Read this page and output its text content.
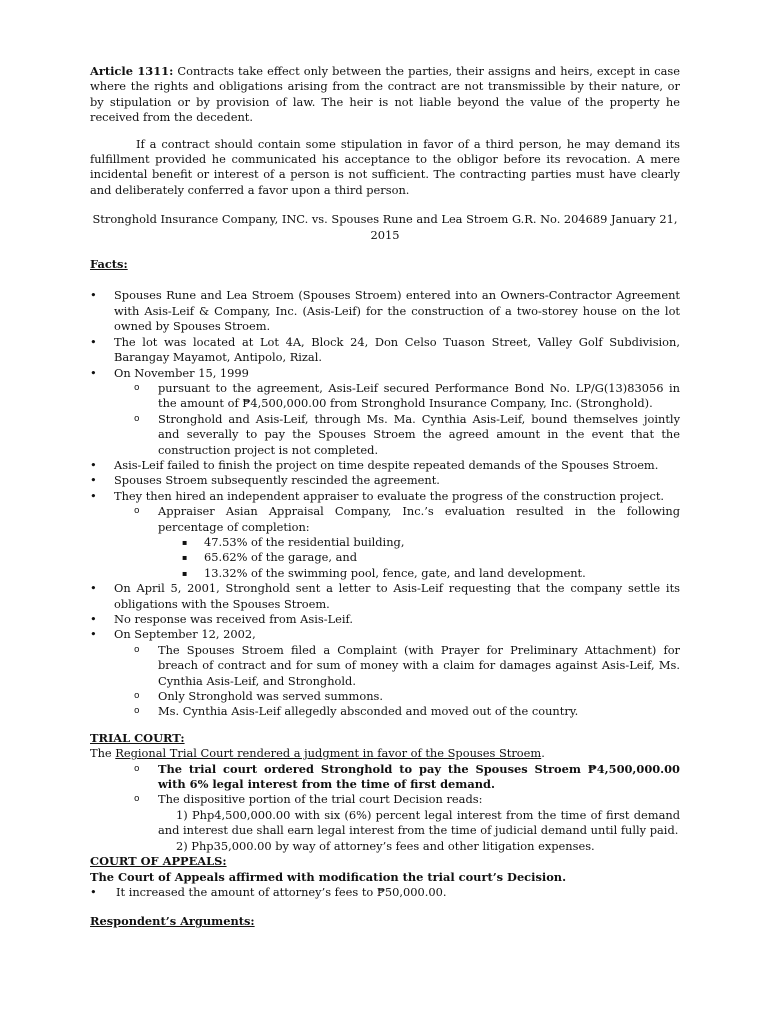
Article 1311: Contracts take effect only between the parties, their assigns and heirs, except in case where the rights and obligations arising from the contract are not transmissible by their nature, or by stipulation or by provision of law. The heir is not liable beyond the value of the property he received from the decedent.

If a contract should contain some stipulation in favor of a third person, he may demand its fulfillment provided he communicated his acceptance to the obligor before its revocation. A mere incidental benefit or interest of a person is not sufficient. The contracting parties must have clearly and deliberately conferred a favor upon a third person.

Stronghold Insurance Company, INC. vs. Spouses Rune and Lea Stroem G.R. No. 204689 January 21, 2015

Facts:

• Spouses Rune and Lea Stroem (Spouses Stroem) entered into an Owners-Contractor Agreement with Asis-Leif & Company, Inc. (Asis-Leif) for the construction of a two-storey house on the lot owned by Spouses Stroem.
• The lot was located at Lot 4A, Block 24, Don Celso Tuason Street, Valley Golf Subdivision, Barangay Mayamot, Antipolo, Rizal.
• On November 15, 1999
o pursuant to the agreement, Asis-Leif secured Performance Bond No. LP/G(13)83056 in the amount of ₱4,500,000.00 from Stronghold Insurance Company, Inc. (Stronghold).
o Stronghold and Asis-Leif, through Ms. Ma. Cynthia Asis-Leif, bound themselves jointly and severally to pay the Spouses Stroem the agreed amount in the event that the construction project is not completed.
• Asis-Leif failed to finish the project on time despite repeated demands of the Spouses Stroem.
• Spouses Stroem subsequently rescinded the agreement.
• They then hired an independent appraiser to evaluate the progress of the construction project.
o Appraiser Asian Appraisal Company, Inc.’s evaluation resulted in the following percentage of completion:
▪ 47.53% of the residential building,
▪ 65.62% of the garage, and
▪ 13.32% of the swimming pool, fence, gate, and land development.
• On April 5, 2001, Stronghold sent a letter to Asis-Leif requesting that the company settle its obligations with the Spouses Stroem.
• No response was received from Asis-Leif.
• On September 12, 2002,
o The Spouses Stroem filed a Complaint (with Prayer for Preliminary Attachment) for breach of contract and for sum of money with a claim for damages against Asis-Leif, Ms. Cynthia Asis-Leif, and Stronghold.
o Only Stronghold was served summons.
o Ms. Cynthia Asis-Leif allegedly absconded and moved out of the country.

TRIAL COURT:

The Regional Trial Court rendered a judgment in favor of the Spouses Stroem.

o The trial court ordered Stronghold to pay the Spouses Stroem ₱4,500,000.00 with 6% legal interest from the time of first demand.
o The dispositive portion of the trial court Decision reads:

1) Php4,500,000.00 with six (6%) percent legal interest from the time of first demand and interest due shall earn legal interest from the time of judicial demand until fully paid.

2) Php35,000.00 by way of attorney’s fees and other litigation expenses.

COURT OF APPEALS:

The Court of Appeals affirmed with modification the trial court’s Decision.

• It increased the amount of attorney’s fees to ₱50,000.00.

Respondent’s Arguments:
